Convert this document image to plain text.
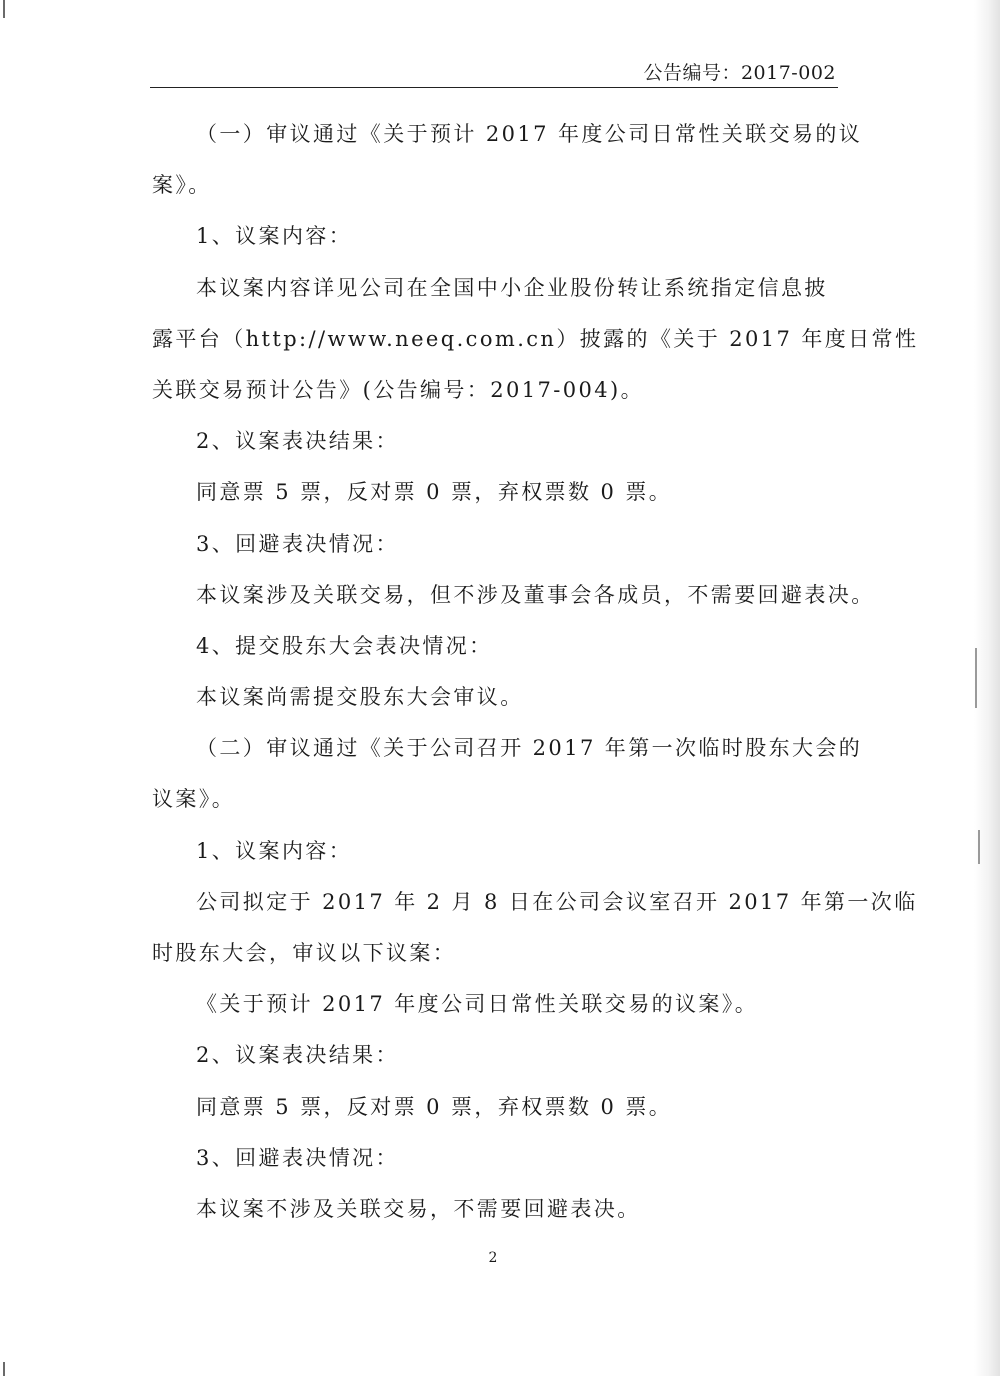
公告编号：2017-002
（一）审议通过《关于预计 2017 年度公司日常性关联交易的议
案》。
1、议案内容：
本议案内容详见公司在全国中小企业股份转让系统指定信息披
露平台（http://www.neeq.com.cn）披露的《关于 2017 年度日常性
关联交易预计公告》(公告编号：2017-004)。
2、议案表决结果：
同意票 5 票，反对票 0 票，弃权票数 0 票。
3、回避表决情况：
本议案涉及关联交易，但不涉及董事会各成员，不需要回避表决。
4、提交股东大会表决情况：
本议案尚需提交股东大会审议。
（二）审议通过《关于公司召开 2017 年第一次临时股东大会的
议案》。
1、议案内容：
公司拟定于 2017 年 2 月 8 日在公司会议室召开 2017 年第一次临
时股东大会，审议以下议案：
《关于预计 2017 年度公司日常性关联交易的议案》。
2、议案表决结果：
同意票 5 票，反对票 0 票，弃权票数 0 票。
3、回避表决情况：
本议案不涉及关联交易，不需要回避表决。
2
